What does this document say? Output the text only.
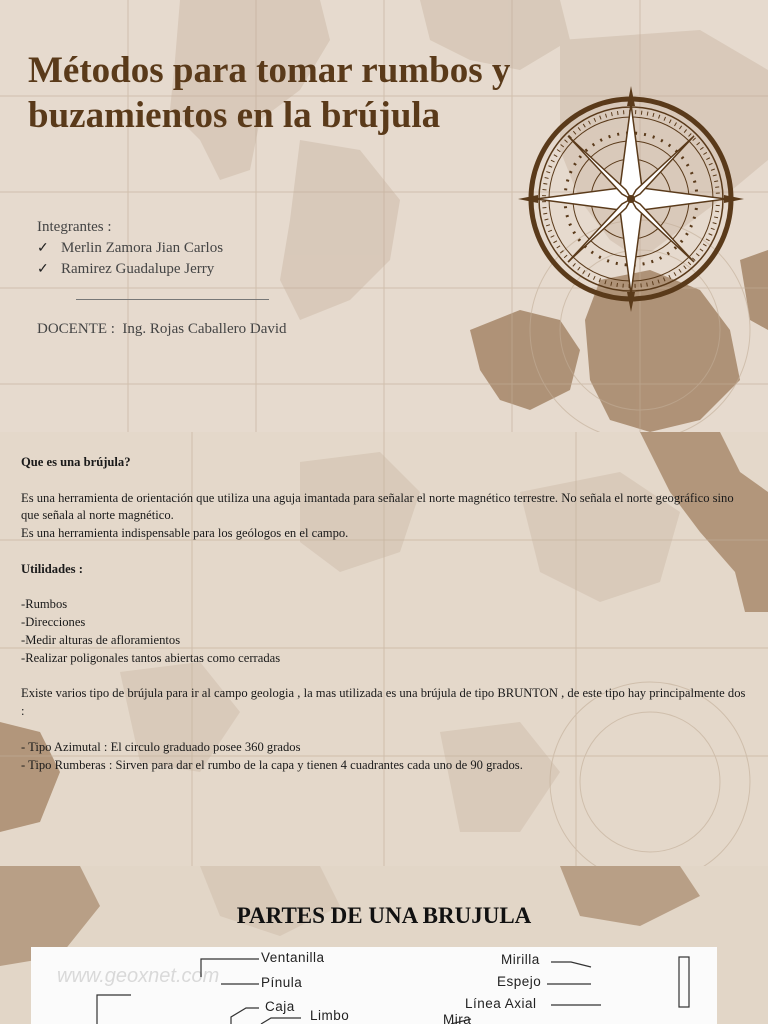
Métodos para tomar rumbos y buzamientos en la brújula
Integrantes :
✓ Merlin Zamora Jian Carlos
✓ Ramirez Guadalupe Jerry
DOCENTE :  Ing. Rojas Caballero David
Que es una brújula?
Es una herramienta de orientación que utiliza una aguja imantada para señalar el norte magnético terrestre. No señala el norte geográfico sino que señala al norte magnético.
Es una herramienta indispensable para los geólogos en el campo.
Utilidades :
-Rumbos
-Direcciones
-Medir alturas de afloramientos
-Realizar poligonales tantos abiertas como cerradas
Existe varios tipo de brújula para ir al campo geologia , la mas utilizada es una brújula de tipo BRUNTON , de este tipo hay principalmente dos :
- Tipo Azimutal : El circulo graduado posee 360 grados
- Tipo Rumberas : Sirven para dar el rumbo de la capa y tienen 4 cuadrantes cada uno de 90 grados.
PARTES DE UNA BRUJULA
www.geoxnet.com
Ventanilla
Pínula
Caja
Limbo
Mirilla
Espejo
Línea Axial
Mira
